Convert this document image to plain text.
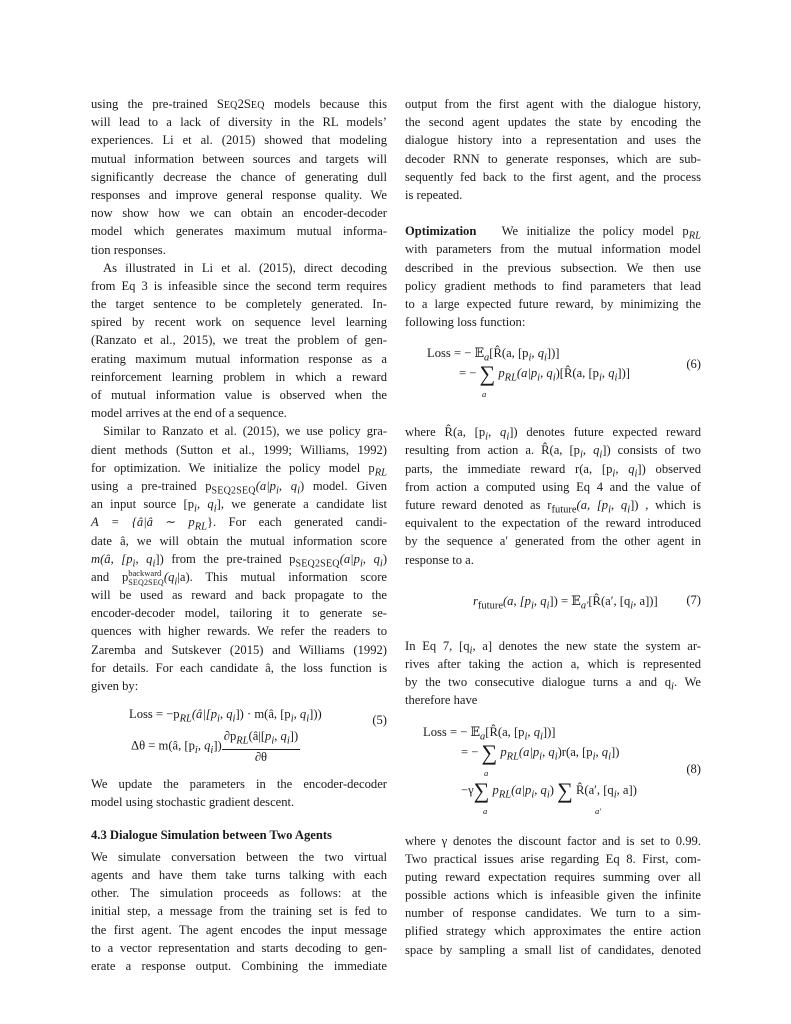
using the pre-trained SEQ2SEQ models because this
will lead to a lack of diversity in the RL models’
experiences. Li et al. (2015) showed that modeling
mutual information between sources and targets will
significantly decrease the chance of generating dull
responses and improve general response quality. We
now show how we can obtain an encoder-decoder
model which generates maximum mutual informa-
tion responses.
As illustrated in Li et al. (2015), direct decoding
from Eq 3 is infeasible since the second term requires
the target sentence to be completely generated. In-
spired by recent work on sequence level learning
(Ranzato et al., 2015), we treat the problem of gen-
erating maximum mutual information response as a
reinforcement learning problem in which a reward
of mutual information value is observed when the
model arrives at the end of a sequence.
Similar to Ranzato et al. (2015), we use policy gra-
dient methods (Sutton et al., 1999; Williams, 1992)
for optimization. We initialize the policy model $p_{RL}$
using a pre-trained $p_{SEQ2SEQ}(a|p_i$, $q_i$) model. Given
an input source [$p_i$, $q_i$], we generate a candidate list
A = {â|â ∼ $p_{RL}$}. For each generated candi-
date â, we will obtain the mutual information score
m(â, [$p_i$, $q_i$]) from the pre-trained $p_{SEQ2SEQ}(a|p_i$, $q_i$)
and pbackward
$SEQ2SEQ(q_i|a)$. This mutual information score
will be used as reward and back propagate to the
encoder-decoder model, tailoring it to generate se-
quences with higher rewards. We refer the readers to
Zaremba and Sutskever (2015) and Williams (1992)
for details. For each candidate â, the loss function is
given by:
Loss = $-p_{RL}(â|[p_i$, $q_i$]) · m(â, [$p_i$, $q_i$]))
Δθ = m(â, [$p_i$, $q_i]) \frac{\partial p_{RL}(â|[p_i, q_i])}{\partial\theta}$
(5)
We update the parameters in the encoder-decoder
model using stochastic gradient descent.
4.3 Dialogue Simulation between Two Agents
We simulate conversation between the two virtual
agents and have them take turns talking with each
other. The simulation proceeds as follows: at the
initial step, a message from the training set is fed to
the first agent. The agent encodes the input message
to a vector representation and starts decoding to gen-
erate a response output. Combining the immediate
output from the first agent with the dialogue history,
the second agent updates the state by encoding the
dialogue history into a representation and uses the
decoder RNN to generate responses, which are sub-
sequently fed back to the first agent, and the process
is repeated.
Optimization We initialize the policy model $p_{RL}$
with parameters from the mutual information model
described in the previous subsection. We then use
policy gradient methods to find parameters that lead
to a large expected future reward, by minimizing the
following loss function:
Loss = − 𝔼$_a$[R̂(a, [$p_i$, $q_i$])]
= − ∑ $p_{RL}(a|p_i$, $q_i)[R̂(a$, [$p_i$, $q_i$])]
a
(6)
where R̂(a, [$p_i$, $q_i$]) denotes future expected reward
resulting from action a. R̂(a, [$p_i$, $q_i$]) consists of two
parts, the immediate reward r(a, [$p_i$, $q_i$]) observed
from action a computed using Eq 4 and the value of
future reward denoted as $r_{future}(a$, [$p_i$, $q_i$]) , which is
equivalent to the expectation of the reward introduced
by the sequence a′ generated from the other agent in
response to a.
$r_{future}(a$, [$p_i$, $q_i$]) = 𝔼$_{a'}$[R̂(a′, [$q_i$, a])] (7)
In Eq 7, [$q_i$, a] denotes the new state the system ar-
rives after taking the action a, which is represented
by the two consecutive dialogue turns a and $q_i$. We
therefore have
Loss = − 𝔼$_a$[R̂(a, [$p_i$, $q_i$])]
= − ∑ $p_{RL}(a|p_i$, $q_i)r(a$, [$p_i$, $q_i$])
a
−γ∑ $p_{RL}(a|p_i$, $q_i$) ∑ R̂(a′, [$q_i$, a])
a	a′
(8)
where γ denotes the discount factor and is set to 0.99.
Two practical issues arise regarding Eq 8. First, com-
puting reward expectation requires summing over all
possible actions which is infeasible given the infinite
number of response candidates. We turn to a sim-
plified strategy which approximates the entire action
space by sampling a small list of candidates, denoted
